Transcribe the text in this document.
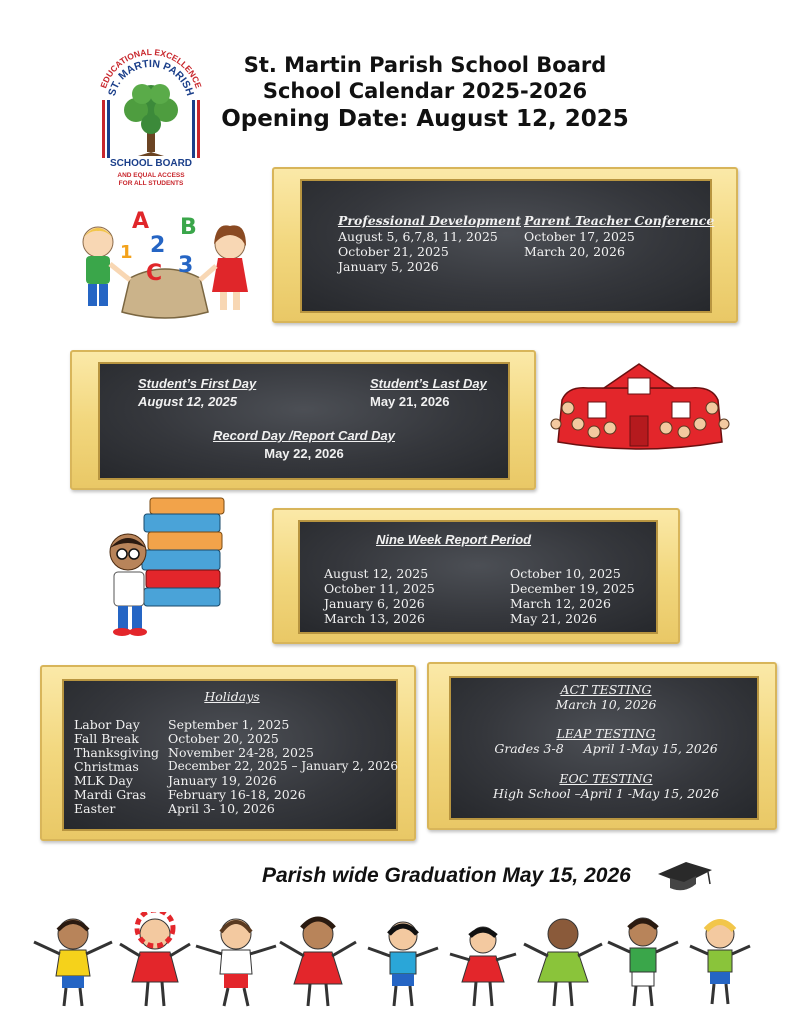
EDUCATIONAL EXCELLENCE
ST. MARTIN PARISH
SCHOOL BOARD
AND EQUAL ACCESS
FOR ALL STUDENTS
St. Martin Parish School Board
School Calendar 2025-2026
Opening Date: August 12, 2025
A B
1 2
C 3
Professional Development
August 5, 6,7,8, 11, 2025
October 21, 2025
January 5, 2026
Parent Teacher Conference
October 17, 2025
March 20, 2026
Student’s First Day
August 12, 2025
Student’s Last Day
May 21, 2026
Record Day /Report Card Day
May 22, 2026
Nine Week Report Period
August 12, 2025
October 11, 2025
January 6, 2026
March 13, 2026
October 10, 2025
December 19, 2025
March 12, 2026
May 21, 2026
Holidays
Labor Day September 1, 2025
Fall Break October 20, 2025
Thanksgiving November 24-28, 2025
Christmas December 22, 2025 – January 2, 2026
MLK Day	January 19, 2026
Mardi Gras February 16-18, 2026
Easter	April 3- 10, 2026
ACT TESTING
March 10, 2026
LEAP TESTING
Grades 3-8     April 1-May 15, 2026
EOC TESTING
High School –April 1 -May 15, 2026
Parish wide Graduation May 15, 2026
